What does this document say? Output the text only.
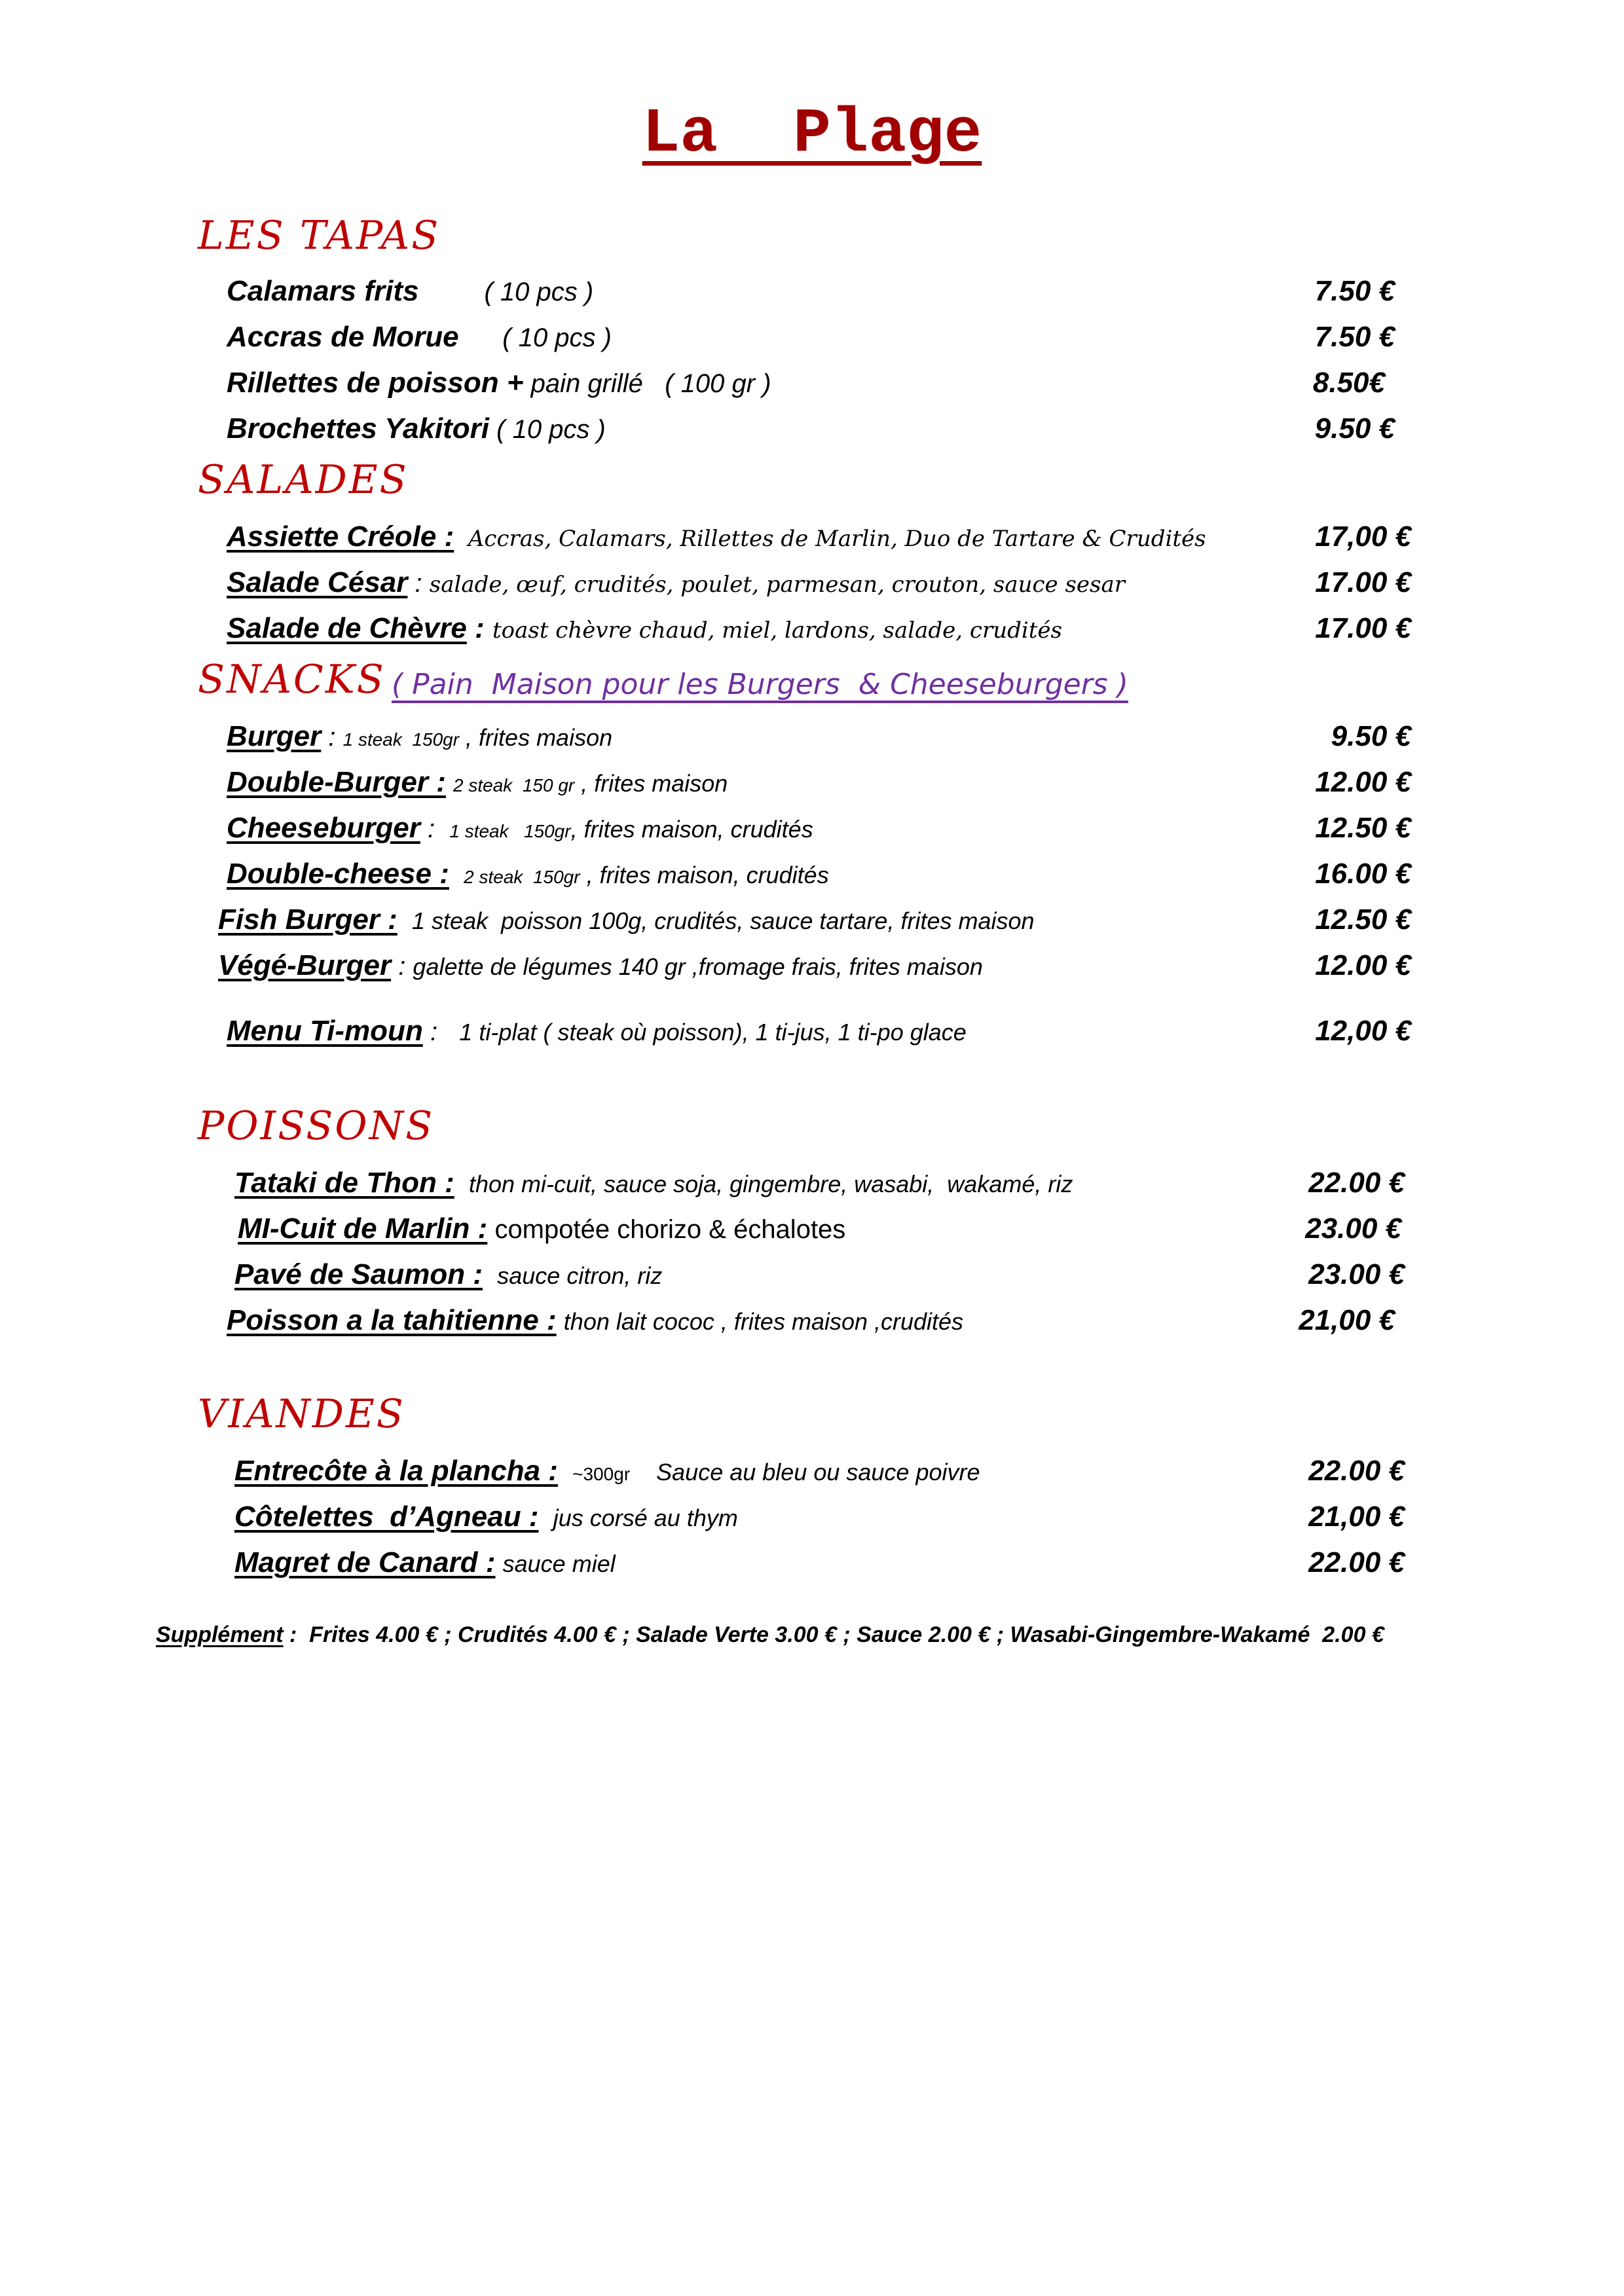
La  Plage
LES TAPAS
Calamars frits         ( 10 pcs )	7.50 €
Accras de Morue      ( 10 pcs )	7.50 €
Rillettes de poisson + pain grillé   ( 100 gr )	8.50€
Brochettes Yakitori ( 10 pcs )	9.50 €
SALADES
Assiette Créole :  Accras, Calamars, Rillettes de Marlin, Duo de Tartare & Crudités	17,00 €
Salade César : salade, œuf, crudités, poulet, parmesan, crouton, sauce sesar	17.00 €
Salade de Chèvre : toast chèvre chaud, miel, lardons, salade, crudités	17.00 €
SNACKS ( Pain  Maison pour les Burgers  & Cheeseburgers )
Burger : 1 steak  150gr , frites maison	9.50 €
Double-Burger : 2 steak  150 gr , frites maison	12.00 €
Cheeseburger :  1 steak   150gr, frites maison, crudités	12.50 €
Double-cheese : 2 steak  150gr , frites maison, crudités	16.00 €
Fish Burger : 1 steak  poisson 100g, crudités, sauce tartare, frites maison	12.50 €
Végé-Burger : galette de légumes 140 gr ,fromage frais, frites maison	12.00 €
Menu Ti-moun :   1 ti-plat ( steak où poisson), 1 ti-jus, 1 ti-po glace	12,00 €
POISSONS
Tataki de Thon : thon mi-cuit, sauce soja, gingembre, wasabi,  wakamé, riz	22.00 €
MI-Cuit de Marlin : compotée chorizo & échalotes	23.00 €
Pavé de Saumon : sauce citron, riz	23.00 €
Poisson a la tahitienne : thon lait cococ , frites maison ,crudités	21,00 €
VIANDES
Entrecôte à la plancha : ~300gr    Sauce au bleu ou sauce poivre	22.00 €
Côtelettes  d’Agneau : jus corsé au thym	21,00 €
Magret de Canard : sauce miel	22.00 €
Supplément :  Frites 4.00 € ; Crudités 4.00 € ; Salade Verte 3.00 € ; Sauce 2.00 € ; Wasabi-Gingembre-Wakamé  2.00 €
